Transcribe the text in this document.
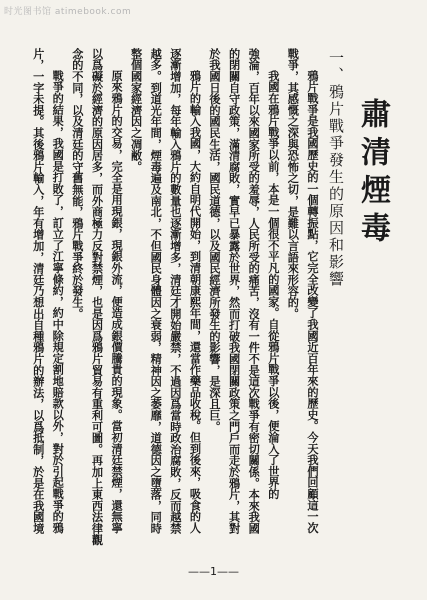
时光图书馆 atimebook.com
肅清煙毒
一、鴉片戰爭發生的原因和影響
鴉片戰爭是我國歷史的一個轉振點，它完全改變了我國近百年來的歷史。今天我們回顧這一次
戰爭，其感慨之深與恐怖之切，是難以言語來形容的。
我國在鴉片戰爭以前，本是一個很不平凡的國家。自從鴉片戰爭以後，便淪入了世界的
強淪，百年以來國家所受的羞辱，人民所受的痛苦，沒有一件不是這次戰爭有密切關係。本來我國
的閉關自守政策，滿清腐敗，實早已暴露於世界，然而打破我國閉關政策之門戶而走於鴉片，其對
於我國日後的國民生活，國民道德，以及國民經濟所發生的影響，是深且巨。
鴉片的輸入我國，大約自明代開始，到清朝康熙年間，還當作藥品收稅。但到後來，吸食的人
逐漸增加，每年輸入鴉片的數量也逐漸增多，清廷才開始嚴禁，不過因爲當時政治腐敗，反而越禁
越多。到道光年間，煙毒遍及南北，不但國民身體因之衰弱，精神因之萎靡，道德因之墮落，同時
整個國家經濟因之凋敝。
原來鴉片的交易，完全是用現銀，現銀外流，便造成銀價騰貴的現象。當初清廷禁煙，還無寧
以爲礙於經濟的原因居多，而外商極力反對禁煙，也是因爲鴉片貿易有重利可圖。再加上東西法律觀
念的不同，以及清廷的守舊無能，鴉片戰爭終於發生。
戰爭的結果，我國是打敗了，訂立了江寧條約，約中除規定割地賠款以外，對於引起戰爭的鴉
片，一字未提。其後鴉片輸入，年有增加，清廷乃想出自種鴉片的辦法，以爲抵制，於是在我國境
——1——
